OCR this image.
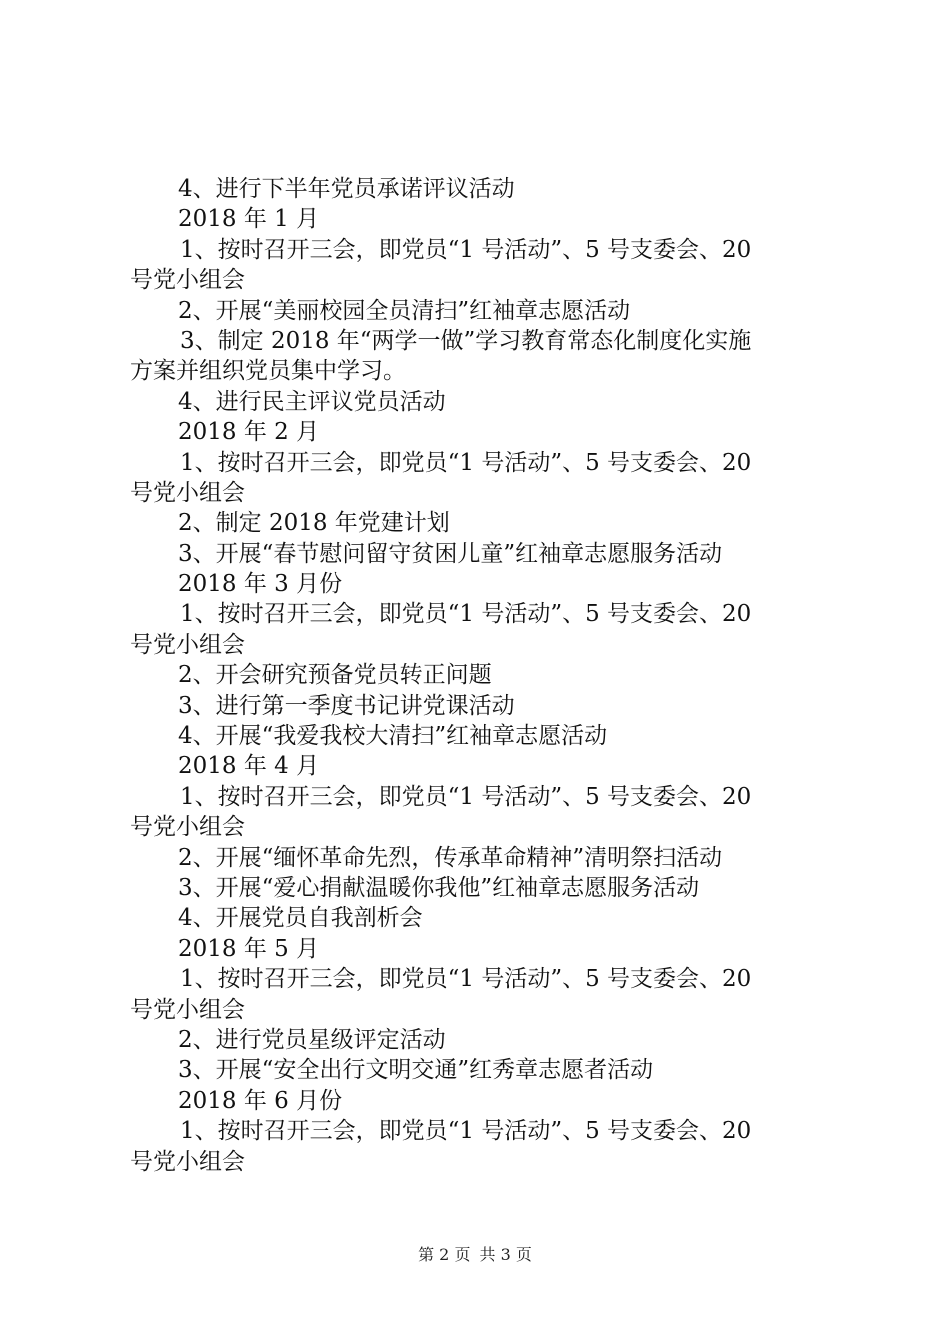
4、进行下半年党员承诺评议活动
2018 年 1 月
1、按时召开三会，即党员“1 号活动”、5 号支委会、20
号党小组会
2、开展“美丽校园全员清扫”红袖章志愿活动
3、制定 2018 年“两学一做”学习教育常态化制度化实施
方案并组织党员集中学习。
4、进行民主评议党员活动
2018 年 2 月
1、按时召开三会，即党员“1 号活动”、5 号支委会、20
号党小组会
2、制定 2018 年党建计划
3、开展“春节慰问留守贫困儿童”红袖章志愿服务活动
2018 年 3 月份
1、按时召开三会，即党员“1 号活动”、5 号支委会、20
号党小组会
2、开会研究预备党员转正问题
3、进行第一季度书记讲党课活动
4、开展“我爱我校大清扫”红袖章志愿活动
2018 年 4 月
1、按时召开三会，即党员“1 号活动”、5 号支委会、20
号党小组会
2、开展“缅怀革命先烈，传承革命精神”清明祭扫活动
3、开展“爱心捐献温暖你我他”红袖章志愿服务活动
4、开展党员自我剖析会
2018 年 5 月
1、按时召开三会，即党员“1 号活动”、5 号支委会、20
号党小组会
2、进行党员星级评定活动
3、开展“安全出行文明交通”红秀章志愿者活动
2018 年 6 月份
1、按时召开三会，即党员“1 号活动”、5 号支委会、20
号党小组会
第 2 页 共 3 页
